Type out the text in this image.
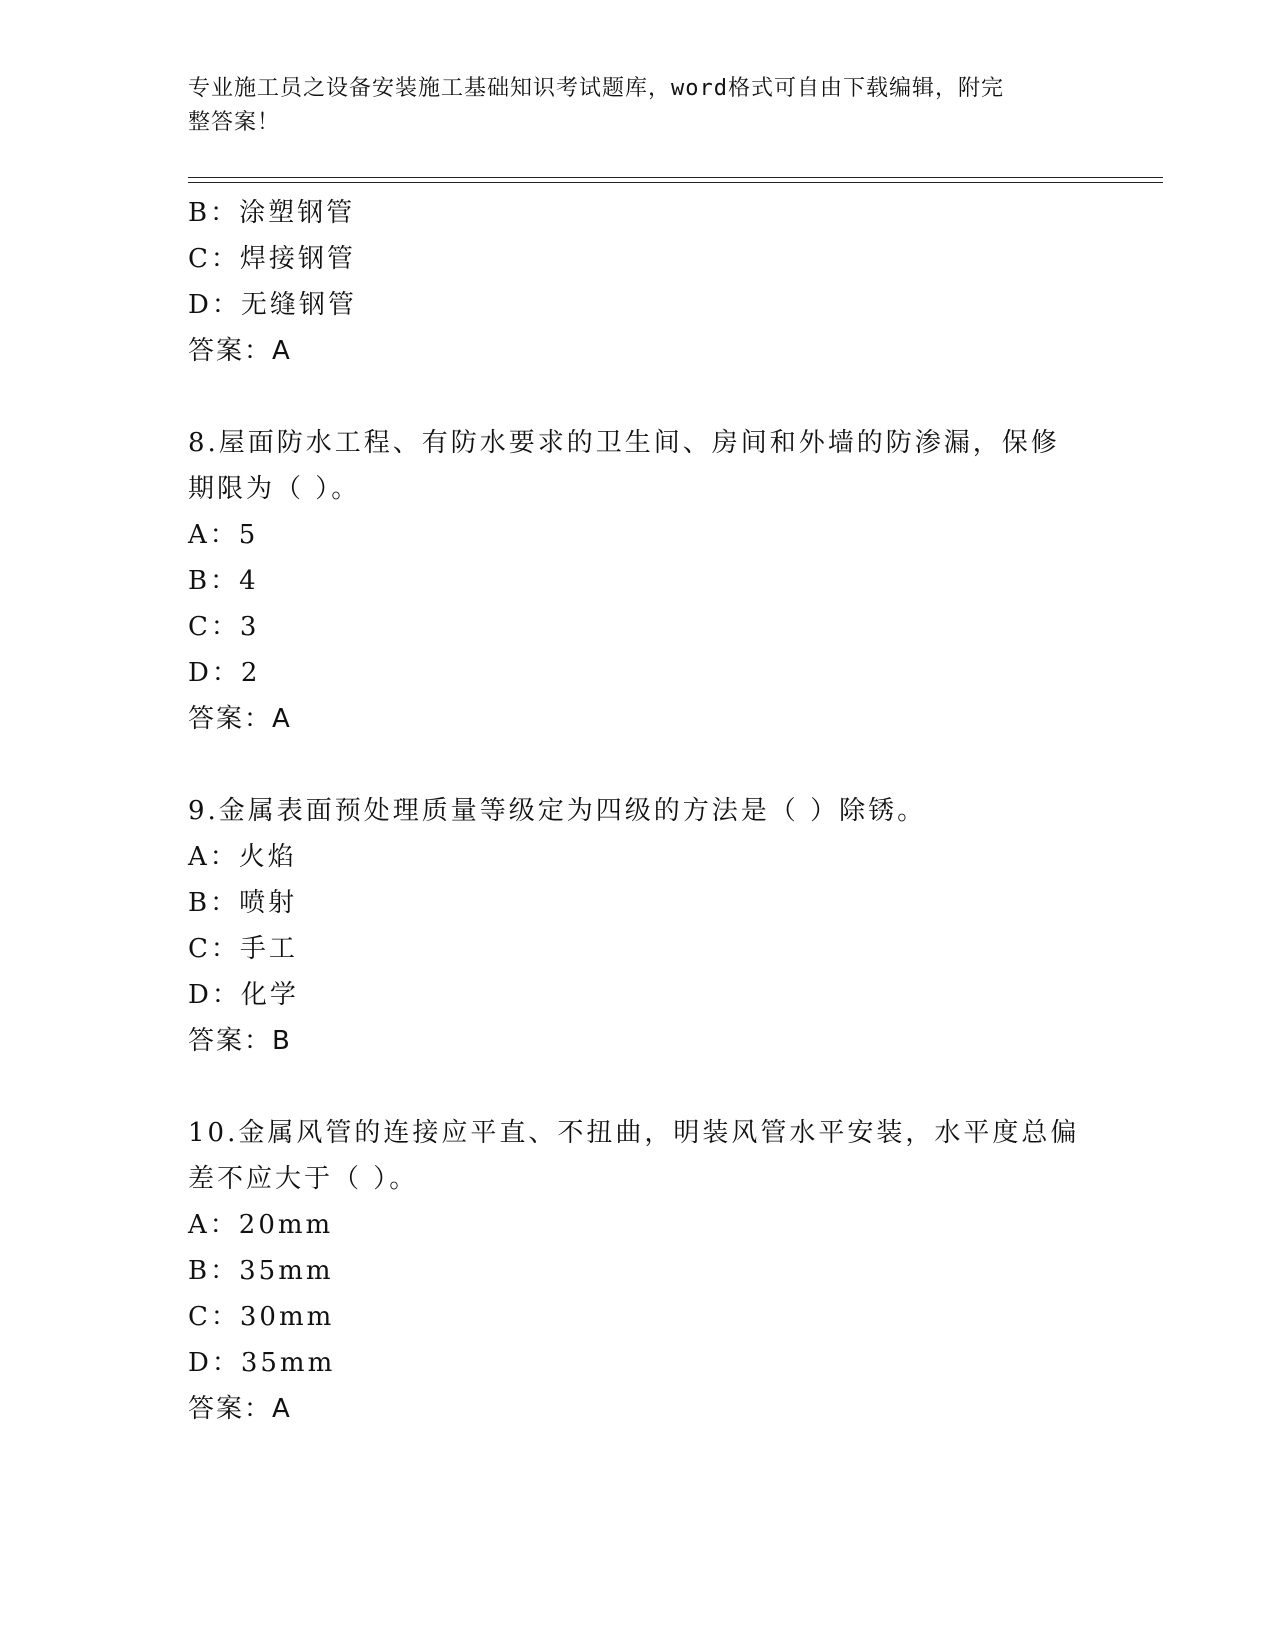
专业施工员之设备安装施工基础知识考试题库，word格式可自由下载编辑，附完
整答案！
B：涂塑钢管
C：焊接钢管
D：无缝钢管
答案：A
8.屋面防水工程、有防水要求的卫生间、房间和外墙的防渗漏，保修
期限为（ ）。
A：5
B：4
C：3
D：2
答案：A
9.金属表面预处理质量等级定为四级的方法是（ ）除锈。
A：火焰
B：喷射
C：手工
D：化学
答案：B
10.金属风管的连接应平直、不扭曲，明装风管水平安装，水平度总偏
差不应大于（ ）。
A：20mm
B：35mm
C：30mm
D：35mm
答案：A
